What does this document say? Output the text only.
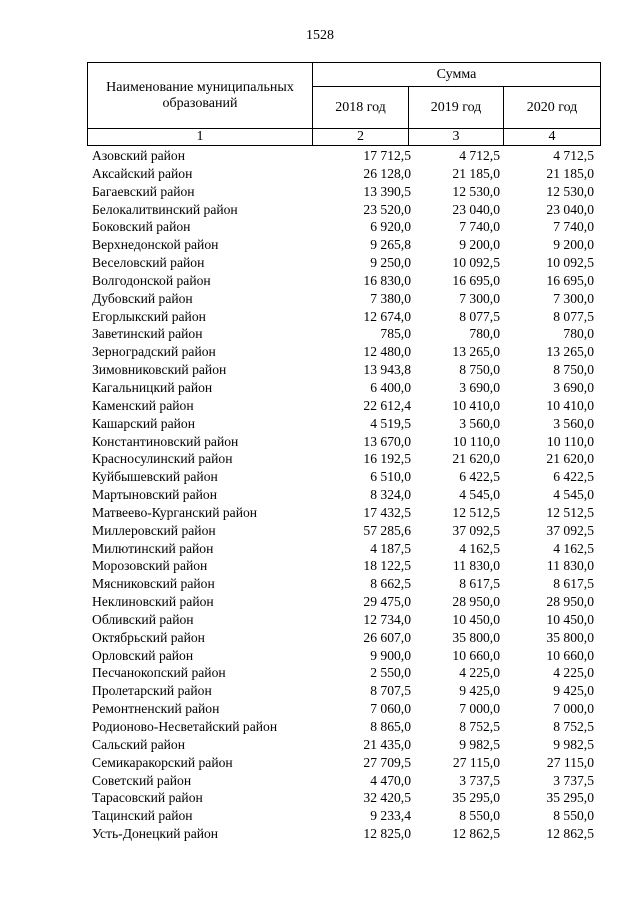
1528
Наименование муниципальных образований
Сумма
2018 год	2019 год	2020 год
1	2	3	4
Азовский район	17 712,5	4 712,5	4 712,5
Аксайский район	26 128,0	21 185,0	21 185,0
Багаевский район	13 390,5	12 530,0	12 530,0
Белокалитвинский район	23 520,0	23 040,0	23 040,0
Боковский район	6 920,0	7 740,0	7 740,0
Верхнедонской район	9 265,8	9 200,0	9 200,0
Веселовский район	9 250,0	10 092,5	10 092,5
Волгодонской район	16 830,0	16 695,0	16 695,0
Дубовский район	7 380,0	7 300,0	7 300,0
Егорлыкский район	12 674,0	8 077,5	8 077,5
Заветинский район	785,0	780,0	780,0
Зерноградский район	12 480,0	13 265,0	13 265,0
Зимовниковский район	13 943,8	8 750,0	8 750,0
Кагальницкий район	6 400,0	3 690,0	3 690,0
Каменский район	22 612,4	10 410,0	10 410,0
Кашарский район	4 519,5	3 560,0	3 560,0
Константиновский район	13 670,0	10 110,0	10 110,0
Красносулинский район	16 192,5	21 620,0	21 620,0
Куйбышевский район	6 510,0	6 422,5	6 422,5
Мартыновский район	8 324,0	4 545,0	4 545,0
Матвеево-Курганский район	17 432,5	12 512,5	12 512,5
Миллеровский район	57 285,6	37 092,5	37 092,5
Милютинский район	4 187,5	4 162,5	4 162,5
Морозовский район	18 122,5	11 830,0	11 830,0
Мясниковский район	8 662,5	8 617,5	8 617,5
Неклиновский район	29 475,0	28 950,0	28 950,0
Обливский район	12 734,0	10 450,0	10 450,0
Октябрьский район	26 607,0	35 800,0	35 800,0
Орловский район	9 900,0	10 660,0	10 660,0
Песчанокопский район	2 550,0	4 225,0	4 225,0
Пролетарский район	8 707,5	9 425,0	9 425,0
Ремонтненский район	7 060,0	7 000,0	7 000,0
Родионово-Несветайский район	8 865,0	8 752,5	8 752,5
Сальский район	21 435,0	9 982,5	9 982,5
Семикаракорский район	27 709,5	27 115,0	27 115,0
Советский район	4 470,0	3 737,5	3 737,5
Тарасовский район	32 420,5	35 295,0	35 295,0
Тацинский район	9 233,4	8 550,0	8 550,0
Усть-Донецкий район	12 825,0	12 862,5	12 862,5
